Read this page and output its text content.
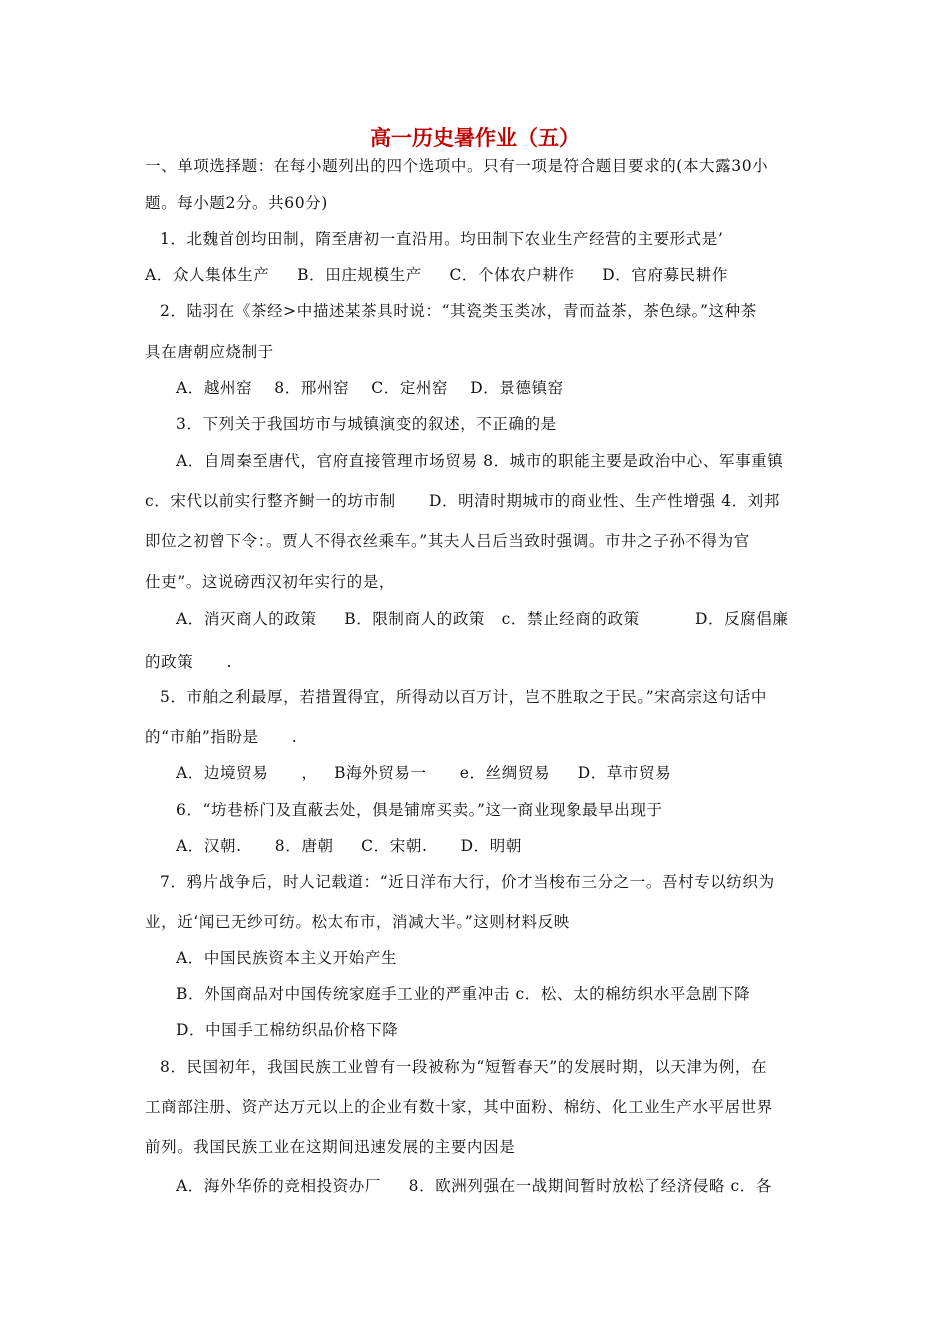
高一历史暑作业（五）
一、单项选择题：在每小题列出的四个选项中。只有一项是符合题目要求的(本大露30小
题。每小题2分。共60分)
1．北魏首创均田制，隋至唐初一直沿用。均田制下农业生产经营的主要形式是’
A．众人集体生产     B．田庄规模生产     C．个体农户耕作     D．官府募民耕作
2．陆羽在《茶经>中描述某茶具时说：“其瓷类玉类冰，青而益茶，茶色绿。”这种茶
具在唐朝应烧制于
A．越州窑    8．邢州窑    C．定州窑    D．景德镇窑
3．下列关于我国坊市与城镇演变的叙述，不正确的是
A．自周秦至唐代，官府直接管理市场贸易 8．城市的职能主要是政治中心、军事重镇
c．宋代以前实行整齐鲥一的坊市制      D．明清时期城市的商业性、生产性增强 4．刘邦
即位之初曾下令：。贾人不得衣丝乘车。”其夫人吕后当致时强调。市井之子孙不得为官
仕吏”。这说磅西汉初年实行的是，
A．消灭商人的政策     B．限制商人的政策   c．禁止经商的政策          D．反腐倡廉
的政策      .
5．市舶之利最厚，若措置得宜，所得动以百万计，岂不胜取之于民。”宋高宗这句话中
的“市舶”指盼是      .
A．边境贸易      ，   B海外贸易一      e．丝绸贸易     D．草市贸易
6．“坊巷桥门及直蔽去处，俱是铺席买卖。”这一商业现象最早出现于
A．汉朝.      8．唐朝     C．宋朝.      D．明朝
7．鸦片战争后，时人记载道：“近日洋布大行，价才当梭布三分之一。吾村专以纺织为
业，近‘闻已无纱可纺。松太布市，消减大半。”这则材料反映
A．中国民族资本主义开始产生
B．外国商品对中国传统家庭手工业的严重冲击 c．松、太的棉纺织水平急剧下降
D．中国手工棉纺织品价格下降
8．民国初年，我国民族工业曾有一段被称为“短暂春天”的发展时期，以天津为例，在
工商部注册、资产达万元以上的企业有数十家，其中面粉、棉纺、化工业生产水平居世界
前列。我国民族工业在这期间迅速发展的主要内因是
A．海外华侨的竞相投资办厂     8．欧洲列强在一战期间暂时放松了经济侵略 c．各
